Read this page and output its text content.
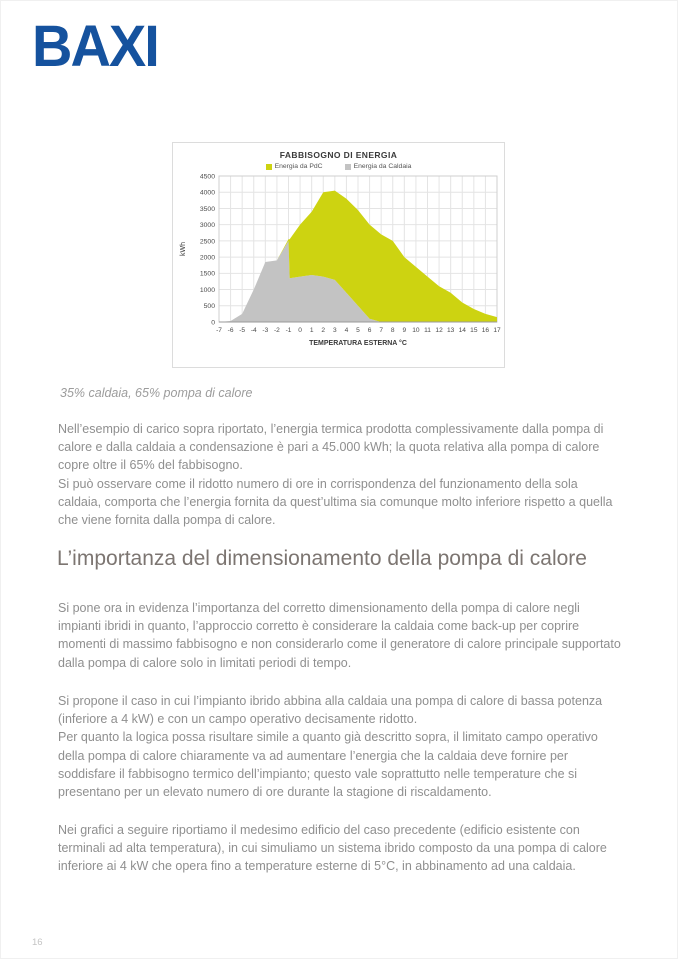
BAXI
FABBISOGNO DI ENERGIA
Energia da PdC	Energia da Caldaia
0
500
1000
1500
2000
2500
3000
3500
4000
4500
-7 -6 -5 -4 -3 -2 -1 0 1 2 3 4 5 6 7 8 9 10 11 12 13 14 15 16 17
TEMPERATURA ESTERNA °C
kWh
35% caldaia, 65% pompa di calore

Nell’esempio di carico sopra riportato, l’energia termica prodotta complessivamente dalla pompa di calore e dalla caldaia a condensazione è pari a 45.000 kWh; la quota relativa alla pompa di calore copre oltre il 65% del fabbisogno.

Si può osservare come il ridotto numero di ore in corrispondenza del funzionamento della sola caldaia, comporta che l’energia fornita da quest’ultima sia comunque molto inferiore rispetto a quella che viene fornita dalla pompa di calore.

L’importanza del dimensionamento della pompa di calore

Si pone ora in evidenza l’importanza del corretto dimensionamento della pompa di calore negli impianti ibridi in quanto, l’approccio corretto è considerare la caldaia come back-up per coprire momenti di massimo fabbisogno e non considerarlo come il generatore di calore principale supportato dalla pompa di calore solo in limitati periodi di tempo.

Si propone il caso in cui l’impianto ibrido abbina alla caldaia una pompa di calore di bassa potenza (inferiore a 4 kW) e con un campo operativo decisamente ridotto.

Per quanto la logica possa risultare simile a quanto già descritto sopra, il limitato campo operativo della pompa di calore chiaramente va ad aumentare l’energia che la caldaia deve fornire per soddisfare il fabbisogno termico dell’impianto; questo vale soprattutto nelle temperature che si presentano per un elevato numero di ore durante la stagione di riscaldamento.

Nei grafici a seguire riportiamo il medesimo edificio del caso precedente (edificio esistente con terminali ad alta temperatura), in cui simuliamo un sistema ibrido composto da una pompa di calore inferiore ai 4 kW che opera fino a temperature esterne di 5°C, in abbinamento ad una caldaia.

16
